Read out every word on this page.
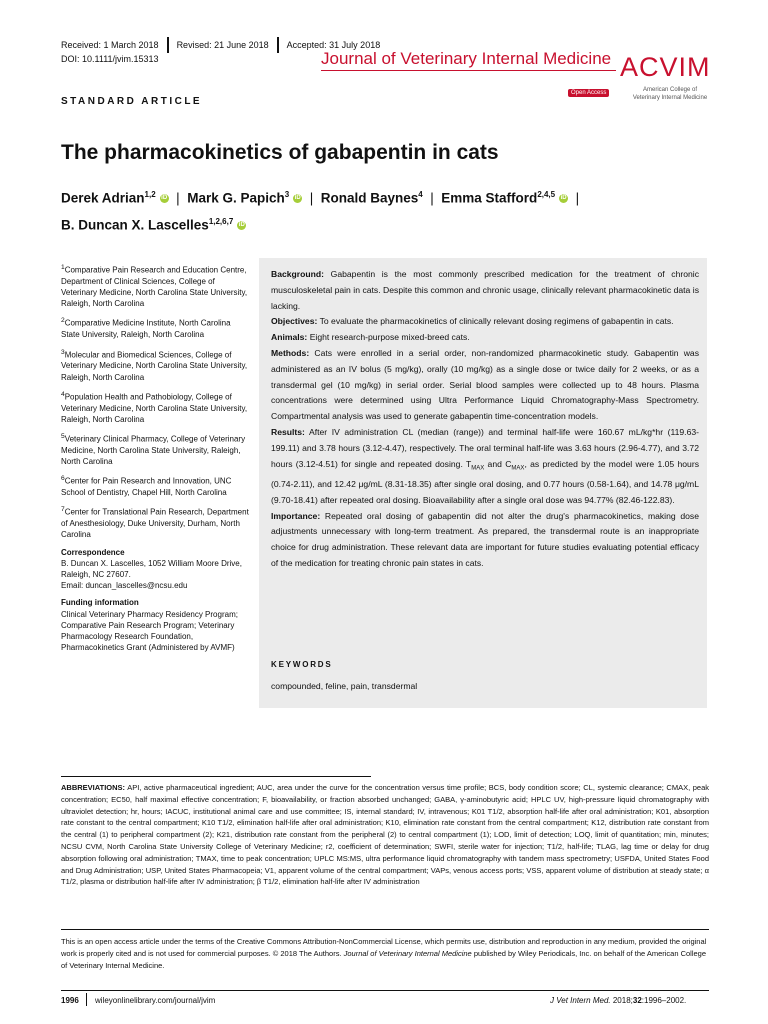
Received: 1 March 2018 Revised: 21 June 2018 Accepted: 31 July 2018
DOI: 10.1111/jvim.15313	Journal of Veterinary Internal Medicine
Open Access
ACVIM
American College of
Veterinary Internal Medicine
STANDARD ARTICLE
The pharmacokinetics of gabapentin in cats
Derek Adrian$^{1,2}$ iD  |  Mark G. Papich$^3$ iD  |  Ronald Baynes$^4$  |  Emma Stafford$^{2,4,5}$ iD  |
B. Duncan X. Lascelles$^{1,2,6,7}$ iD

$^1$Comparative Pain Research and Education Centre, Department of Clinical Sciences, College of Veterinary Medicine, North Carolina State University, Raleigh, North Carolina

$^2$Comparative Medicine Institute, North Carolina State University, Raleigh, North Carolina

$^3$Molecular and Biomedical Sciences, College of Veterinary Medicine, North Carolina State University, Raleigh, North Carolina

$^4$Population Health and Pathobiology, College of Veterinary Medicine, North Carolina State University, Raleigh, North Carolina

$^5$Veterinary Clinical Pharmacy, College of Veterinary Medicine, North Carolina State University, Raleigh, North Carolina

$^6$Center for Pain Research and Innovation, UNC School of Dentistry, Chapel Hill, North Carolina

$^7$Center for Translational Pain Research, Department of Anesthesiology, Duke University, Durham, North Carolina

Correspondence

B. Duncan X. Lascelles, 1052 William Moore Drive, Raleigh, NC 27607.

Email: duncan_lascelles@ncsu.edu

Funding information

Clinical Veterinary Pharmacy Residency Program; Comparative Pain Research Program; Veterinary Pharmacology Research Foundation, Pharmacokinetics Grant (Administered by AVMF)

Background: Gabapentin is the most commonly prescribed medication for the treatment of chronic musculoskeletal pain in cats. Despite this common and chronic usage, clinically relevant pharmacokinetic data is lacking.

Objectives: To evaluate the pharmacokinetics of clinically relevant dosing regimens of gabapentin in cats.

Animals: Eight research-purpose mixed-breed cats.

Methods: Cats were enrolled in a serial order, non-randomized pharmacokinetic study. Gabapentin was administered as an IV bolus (5 mg/kg), orally (10 mg/kg) as a single dose or twice daily for 2 weeks, or as a transdermal gel (10 mg/kg) in serial order. Serial blood samples were collected up to 48 hours. Plasma concentrations were determined using Ultra Performance Liquid Chromatography-Mass Spectrometry. Compartmental analysis was used to generate gabapentin time-concentration models.

Results: After IV administration CL (median (range)) and terminal half-life were 160.67 mL/kg*hr (119.63-199.11) and 3.78 hours (3.12-4.47), respectively. The oral terminal half-life was 3.63 hours (2.96-4.77), and 3.72 hours (3.12-4.51) for single and repeated dosing. $T_{MAX}$ and $C_{MAX}$, as predicted by the model were 1.05 hours (0.74-2.11), and 12.42 μg/mL (8.31-18.35) after single oral dosing, and 0.77 hours (0.58-1.64), and 14.78 μg/mL (9.70-18.41) after repeated oral dosing. Bioavailability after a single oral dose was 94.77% (82.46-122.83).

Importance: Repeated oral dosing of gabapentin did not alter the drug's pharmacokinetics, making dose adjustments unnecessary with long-term treatment. As prepared, the transdermal route is an inappropriate choice for drug administration. These relevant data are important for future studies evaluating potential efficacy of the medication for treating chronic pain states in cats.

KEYWORDS
compounded, feline, pain, transdermal
ABBREVIATIONS: API, active pharmaceutical ingredient; AUC, area under the curve for the concentration versus time profile; BCS, body condition score; CL, systemic clearance; CMAX, peak concentration; EC50, half maximal effective concentration; F, bioavailability, or fraction absorbed unchanged; GABA, γ-aminobutyric acid; HPLC UV, high-pressure liquid chromatography with ultraviolet detection; hr, hours; IACUC, institutional animal care and use committee; IS, internal standard; IV, intravenous; K01 T1/2, absorption half-life after oral administration; K01, absorption rate constant to the central compartment; K10 T1/2, elimination half-life after oral administration; K10, elimination rate constant from the central compartment; K12, distribution rate constant from the central (1) to peripheral compartment (2); K21, distribution rate constant from the peripheral (2) to central compartment (1); LOD, limit of detection; LOQ, limit of quantitation; min, minutes; NCSU CVM, North Carolina State University College of Veterinary Medicine; r2, coefficient of determination; SWFI, sterile water for injection; T1/2, half-life; TLAG, lag time or delay for drug absorption following oral administration; TMAX, time to peak concentration; UPLC MS:MS, ultra performance liquid chromatography with tandem mass spectrometry; USFDA, United States Food and Drug Administration; USP, United States Pharmacopeia; V1, apparent volume of the central compartment; VAPs, venous access ports; VSS, apparent volume of distribution at steady state; α T1/2, plasma or distribution half-life after IV administration; β T1/2, elimination half-life after IV administration
This is an open access article under the terms of the Creative Commons Attribution-NonCommercial License, which permits use, distribution and reproduction in any medium, provided the original work is properly cited and is not used for commercial purposes. © 2018 The Authors. Journal of Veterinary Internal Medicine published by Wiley Periodicals, Inc. on behalf of the American College of Veterinary Internal Medicine.
1996 wileyonlinelibrary.com/journal/jvim	J Vet Intern Med. 2018;32:1996–2002.
